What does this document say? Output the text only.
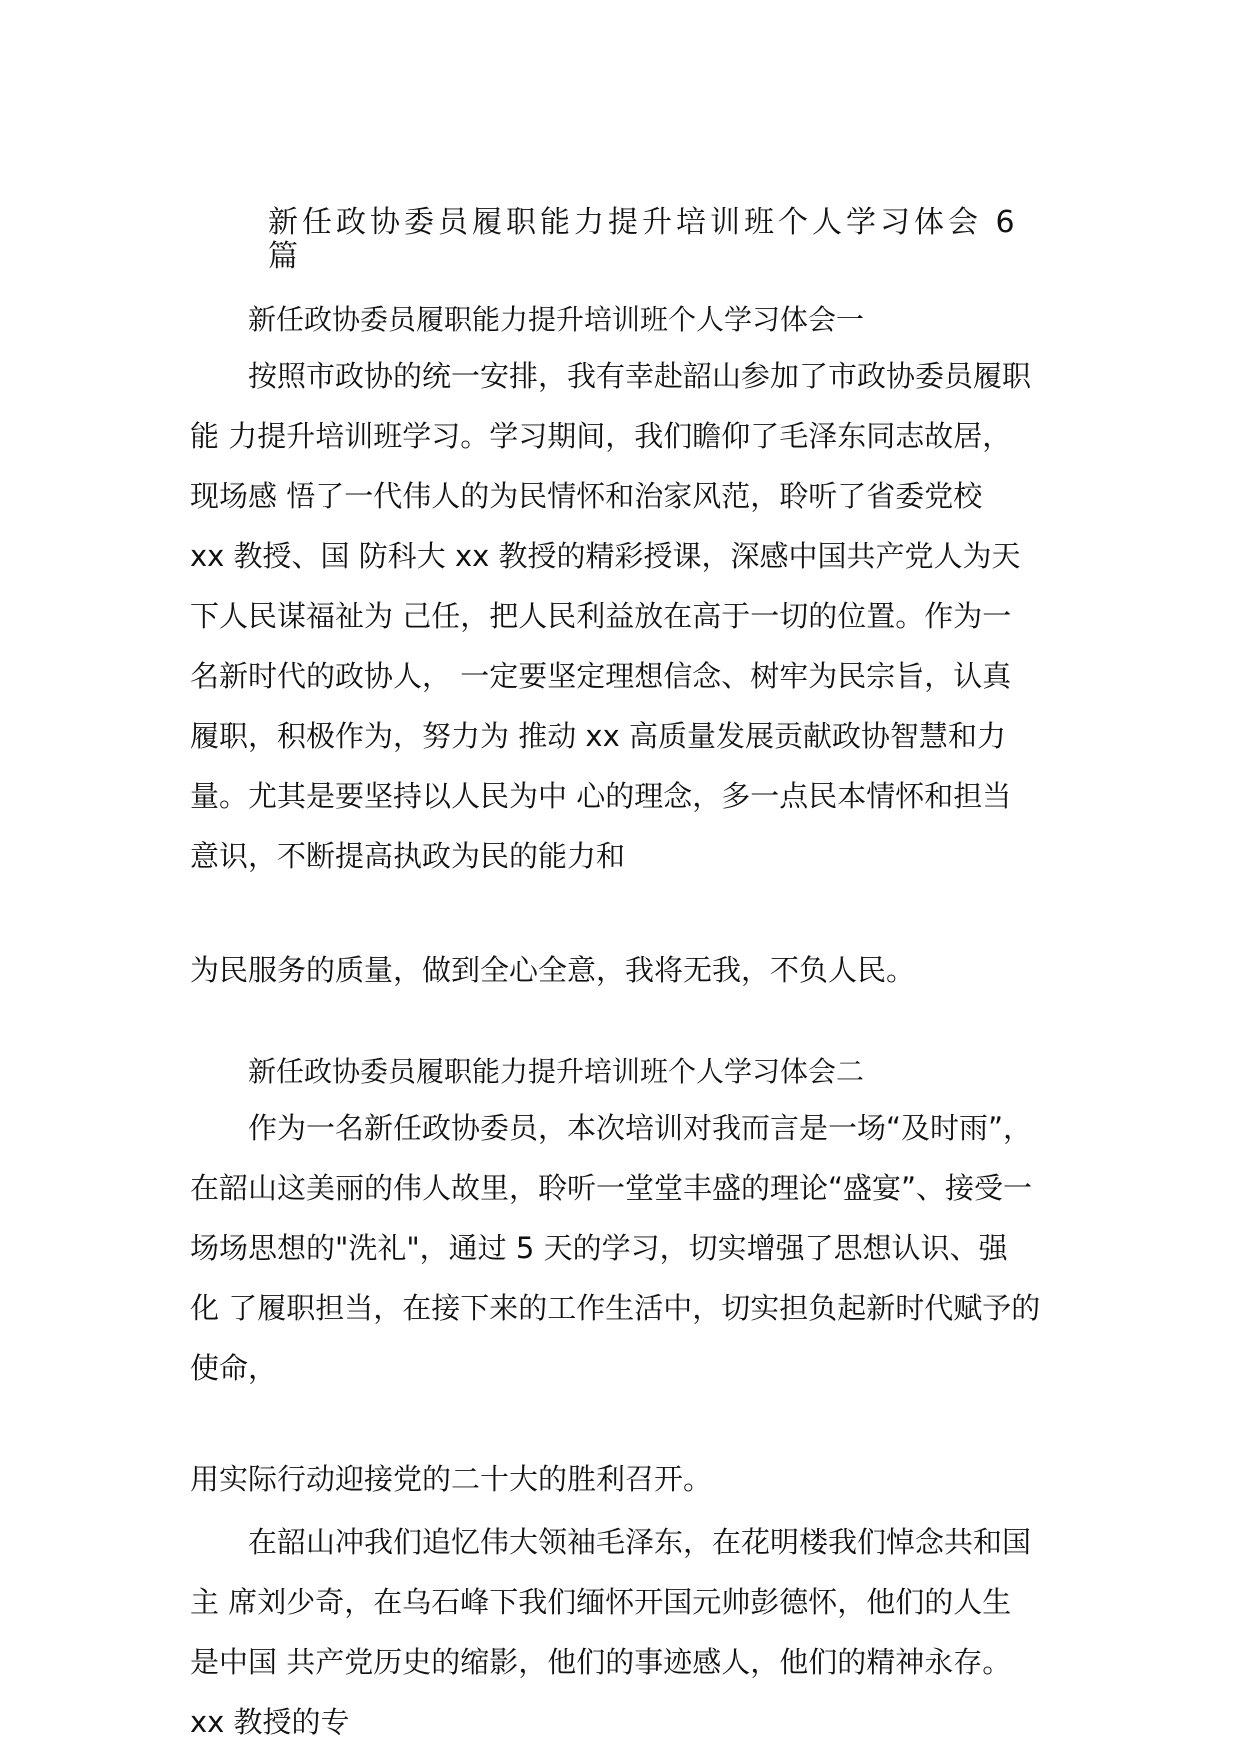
新任政协委员履职能力提升培训班个人学习体会 6
篇
新任政协委员履职能力提升培训班个人学习体会一

按照市政协的统一安排，我有幸赴韶山参加了市政协委员履职
能 力提升培训班学习。学习期间，我们瞻仰了毛泽东同志故居，
现场感 悟了一代伟人的为民情怀和治家风范，聆听了省委党校
xx 教授、国 防科大 xx 教授的精彩授课，深感中国共产党人为天
下人民谋福祉为 己任，把人民利益放在高于一切的位置。作为一
名新时代的政协人， 一定要坚定理想信念、树牢为民宗旨，认真
履职，积极作为，努力为 推动 xx 高质量发展贡献政协智慧和力
量。尤其是要坚持以人民为中 心的理念，多一点民本情怀和担当
意识，不断提高执政为民的能力和

为民服务的质量，做到全心全意，我将无我，不负人民。

新任政协委员履职能力提升培训班个人学习体会二

作为一名新任政协委员，本次培训对我而言是一场“及时雨”，
在韶山这美丽的伟人故里，聆听一堂堂丰盛的理论“盛宴”、接受一
场场思想的"洗礼"，通过 5 天的学习，切实增强了思想认识、强
化 了履职担当，在接下来的工作生活中，切实担负起新时代赋予的
使命，

用实际行动迎接党的二十大的胜利召开。

在韶山冲我们追忆伟大领袖毛泽东，在花明楼我们悼念共和国
主 席刘少奇，在乌石峰下我们缅怀开国元帅彭德怀，他们的人生
是中国 共产党历史的缩影，他们的事迹感人，他们的精神永存。
xx 教授的专
